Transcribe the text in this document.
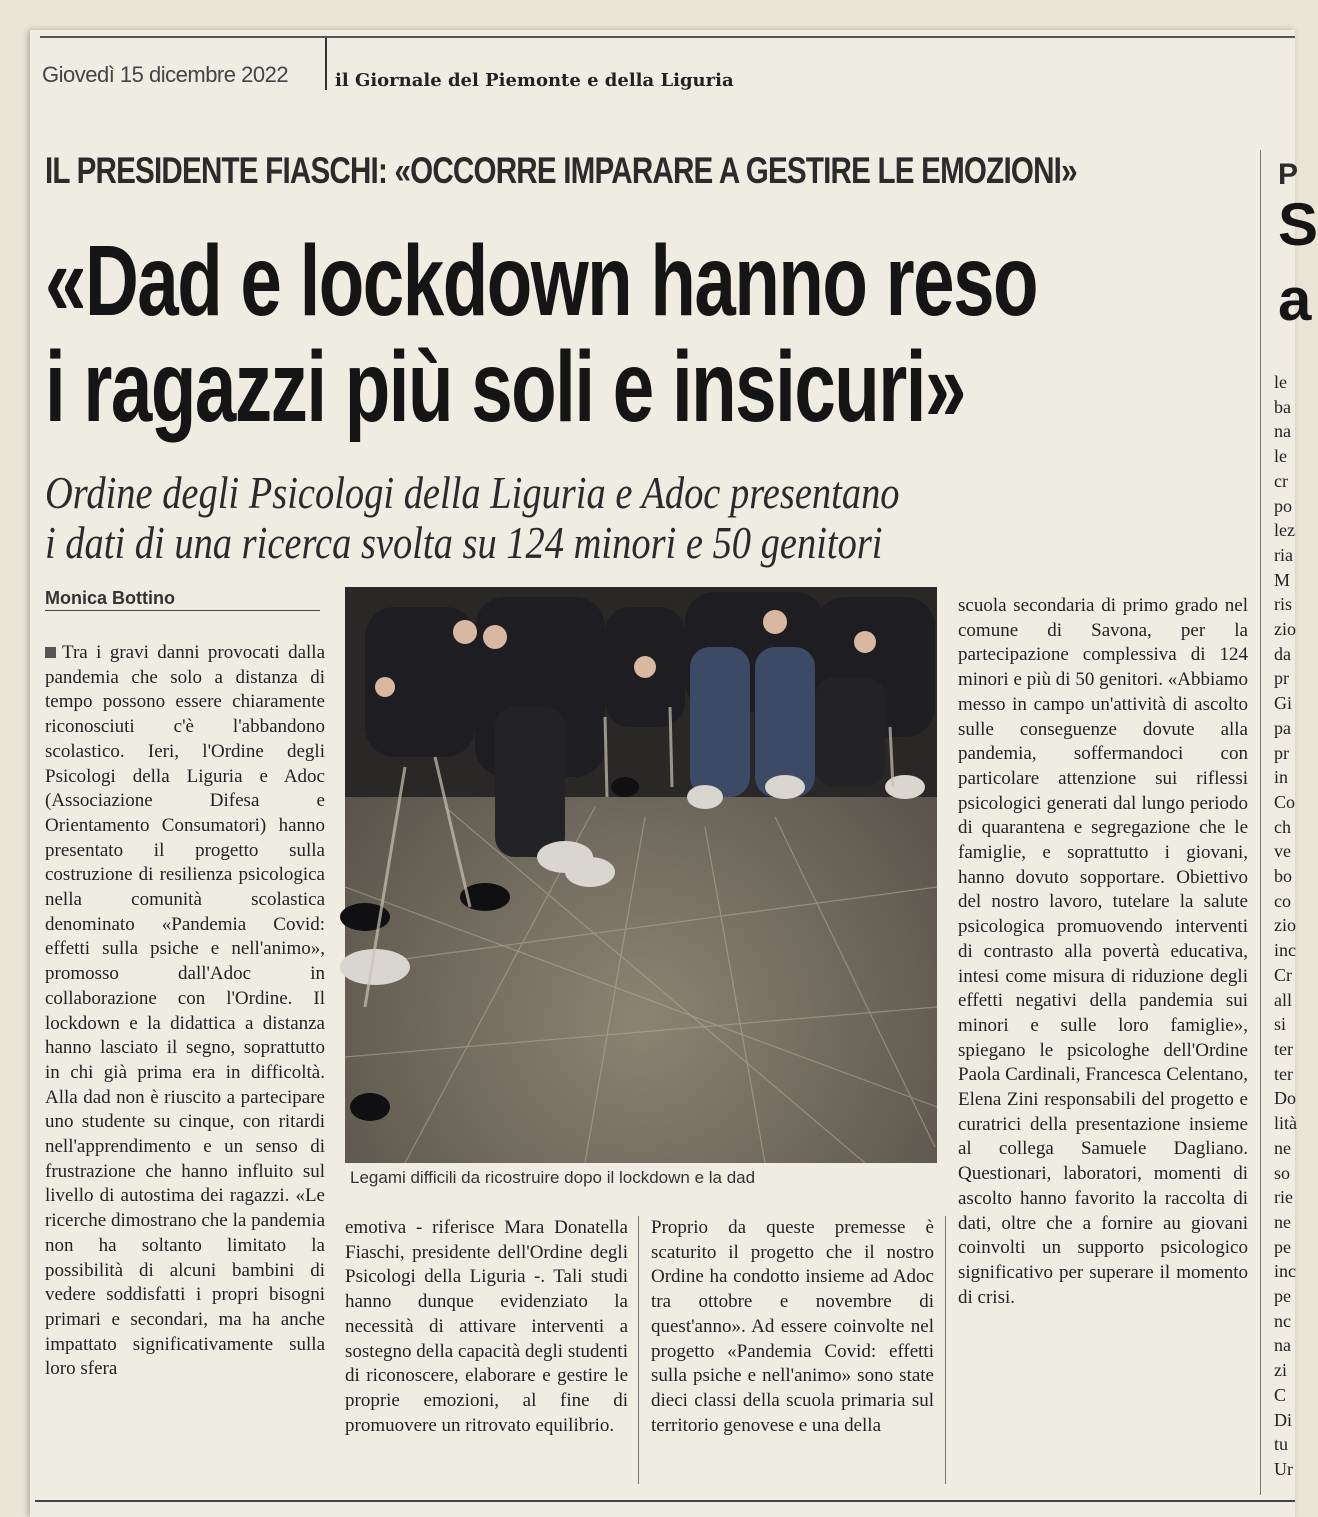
Giovedì 15 dicembre 2022	il Giornale del Piemonte e della Liguria
IL PRESIDENTE FIASCHI: «OCCORRE IMPARARE A GESTIRE LE EMOZIONI»
«Dad e lockdown hanno reso
i ragazzi più soli e insicuri»
Ordine degli Psicologi della Liguria e Adoc presentano
i dati di una ricerca svolta su 124 minori e 50 genitori
Monica Bottino

Tra i gravi danni provocati dalla pandemia che solo a distanza di tempo possono essere chiaramente riconosciuti c'è l'abbandono scolastico. Ieri, l'Ordine degli Psicologi della Liguria e Adoc (Associazione Difesa e Orientamento Consumatori) hanno presentato il progetto sulla costruzione di resilienza psicologica nella comunità scolastica denominato «Pandemia Covid: effetti sulla psiche e nell'animo», promosso dall'Adoc in collaborazione con l'Ordine. Il lockdown e la didattica a distanza hanno lasciato il segno, soprattutto in chi già prima era in difficoltà. Alla dad non è riuscito a partecipare uno studente su cinque, con ritardi nell'apprendimento e un senso di frustrazione che hanno influito sul livello di autostima dei ragazzi. «Le ricerche dimostrano che la pandemia non ha soltanto limitato la possibilità di alcuni bambini di vedere soddisfatti i propri bisogni primari e secondari, ma ha anche impattato significativamente sulla loro sfera

Legami difficili da ricostruire dopo il lockdown e la dad

emotiva - riferisce Mara Donatella Fiaschi, presidente dell'Ordine degli Psicologi della Liguria -. Tali studi hanno dunque evidenziato la necessità di attivare interventi a sostegno della capacità degli studenti di riconoscere, elaborare e gestire le proprie emozioni, al fine di promuovere un ritrovato equilibrio.

Proprio da queste premesse è scaturito il progetto che il nostro Ordine ha condotto insieme ad Adoc tra ottobre e novembre di quest'anno». Ad essere coinvolte nel progetto «Pandemia Covid: effetti sulla psiche e nell'animo» sono state dieci classi della scuola primaria sul territorio genovese e una della

scuola secondaria di primo grado nel comune di Savona, per la partecipazione complessiva di 124 minori e più di 50 genitori. «Abbiamo messo in campo un'attività di ascolto sulle conseguenze dovute alla pandemia, soffermandoci con particolare attenzione sui riflessi psicologici generati dal lungo periodo di quarantena e segregazione che le famiglie, e soprattutto i giovani, hanno dovuto sopportare. Obiettivo del nostro lavoro, tutelare la salute psicologica promuovendo interventi di contrasto alla povertà educativa, intesi come misura di riduzione degli effetti negativi della pandemia sui minori e sulle loro famiglie», spiegano le psicologhe dell'Ordine Paola Cardinali, Francesca Celentano, Elena Zini responsabili del progetto e curatrici della presentazione insieme al collega Samuele Dagliano. Questionari, laboratori, momenti di ascolto hanno favorito la raccolta di dati, oltre che a fornire au giovani coinvolti un supporto psicologico significativo per superare il momento di crisi.

P
S
a
le
ba
na
le
cr
po
lez
ria
M
ris
zio
da
pr
Gi
pa
pr
in
Co
ch
ve
bo
co
zio
inc
Cr
all
si
ter
ter
Do
lità
ne
so
rie
ne
pe
inc
pe
nc
na
zi
C
Di
tu
Ur
